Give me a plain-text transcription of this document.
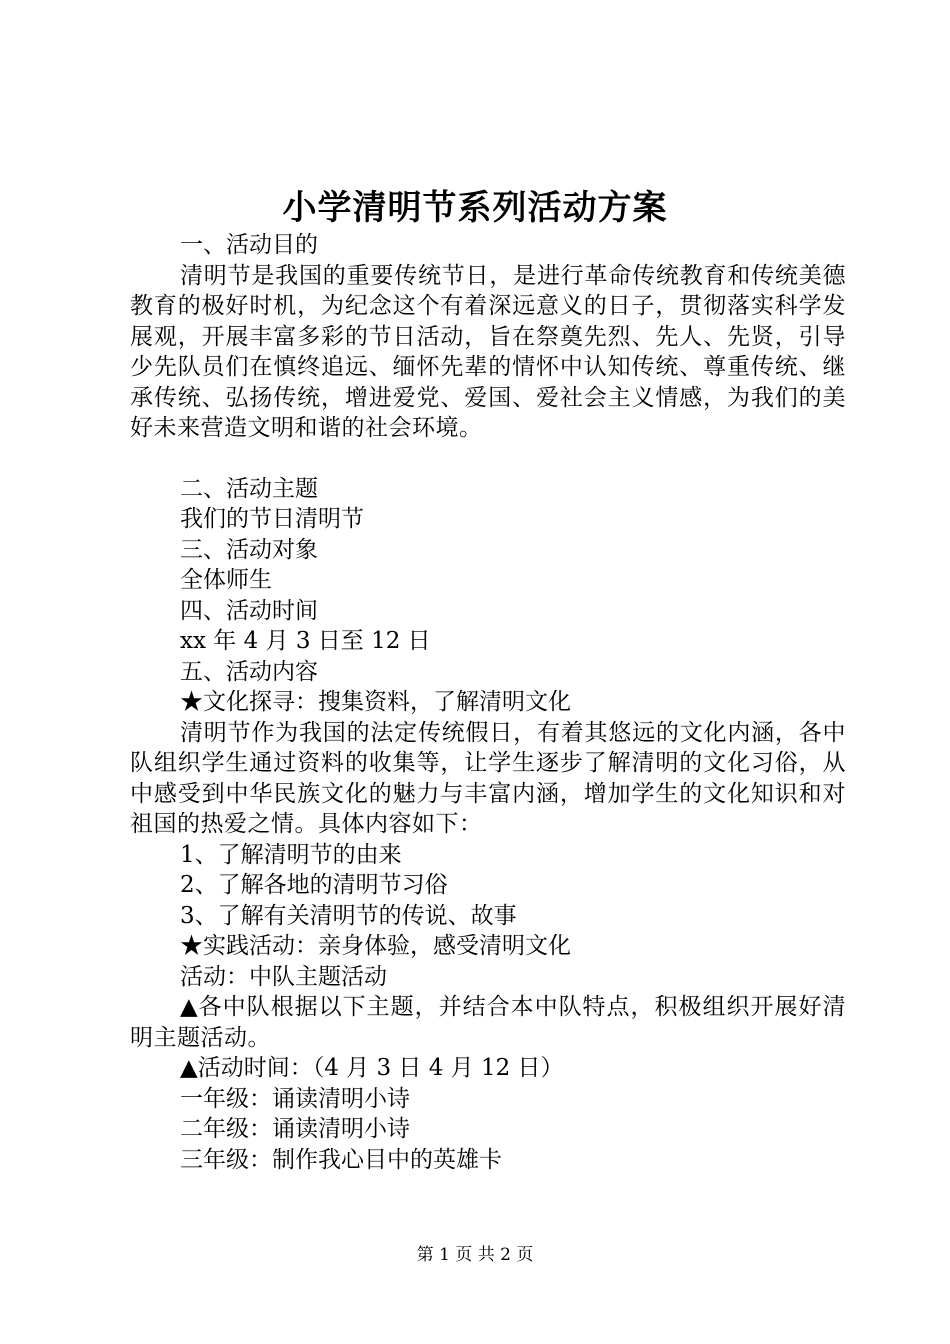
小学清明节系列活动方案
一、活动目的
清明节是我国的重要传统节日，是进行革命传统教育和传统美德教育的极好时机，为纪念这个有着深远意义的日子，贯彻落实科学发展观，开展丰富多彩的节日活动，旨在祭奠先烈、先人、先贤，引导少先队员们在慎终追远、缅怀先辈的情怀中认知传统、尊重传统、继承传统、弘扬传统，增进爱党、爱国、爱社会主义情感，为我们的美好未来营造文明和谐的社会环境。
二、活动主题
我们的节日清明节
三、活动对象
全体师生
四、活动时间
xx 年 4 月 3 日至 12 日
五、活动内容
★文化探寻：搜集资料，了解清明文化
清明节作为我国的法定传统假日，有着其悠远的文化内涵，各中队组织学生通过资料的收集等，让学生逐步了解清明的文化习俗，从中感受到中华民族文化的魅力与丰富内涵，增加学生的文化知识和对祖国的热爱之情。具体内容如下：
1、了解清明节的由来
2、了解各地的清明节习俗
3、了解有关清明节的传说、故事
★实践活动：亲身体验，感受清明文化
活动：中队主题活动
▲各中队根据以下主题，并结合本中队特点，积极组织开展好清明主题活动。
▲活动时间：（4 月 3 日 4 月 12 日）
一年级：诵读清明小诗
二年级：诵读清明小诗
三年级：制作我心目中的英雄卡
第 1 页 共 2 页
